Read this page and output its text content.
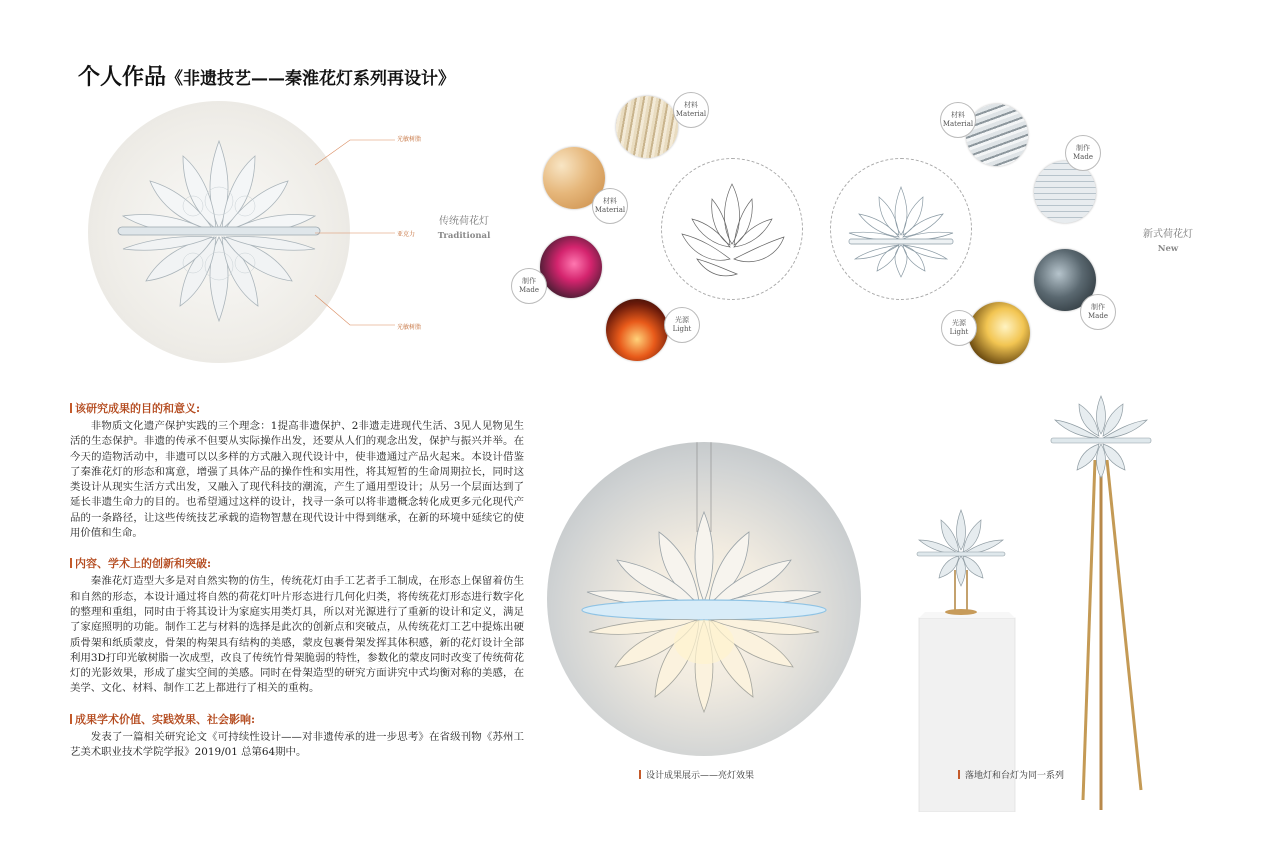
个人作品《非遗技艺——秦淮花灯系列再设计》
光敏树脂
亚克力
光敏树脂
传统荷花灯
Traditional
材料
Material
材料
Material
制作
Made
光源
Light
材料
Material
制作
Made
制作
Made
光源
Light
新式荷花灯
New
该研究成果的目的和意义:
非物质文化遗产保护实践的三个理念：1提高非遗保护、2非遗走进现代生活、3见人见物见生活的生态保护。非遗的传承不但要从实际操作出发，还要从人们的观念出发，保护与振兴并举。在今天的造物活动中，非遗可以以多样的方式融入现代设计中，使非遗通过产品火起来。本设计借鉴了秦淮花灯的形态和寓意，增强了具体产品的操作性和实用性，将其短暂的生命周期拉长，同时这类设计从现实生活方式出发，又融入了现代科技的潮流，产生了通用型设计；从另一个层面达到了延长非遗生命力的目的。也希望通过这样的设计，找寻一条可以将非遗概念转化成更多元化现代产品的一条路径，让这些传统技艺承载的造物智慧在现代设计中得到继承，在新的环境中延续它的使用价值和生命。
内容、学术上的创新和突破:
秦淮花灯造型大多是对自然实物的仿生，传统花灯由手工艺者手工制成，在形态上保留着仿生和自然的形态，本设计通过将自然的荷花灯叶片形态进行几何化归类，将传统花灯形态进行数字化的整理和重组，同时由于将其设计为家庭实用类灯具，所以对光源进行了重新的设计和定义，满足了家庭照明的功能。制作工艺与材料的选择是此次的创新点和突破点，从传统花灯工艺中提炼出硬质骨架和纸质蒙皮，骨架的构架具有结构的美感，蒙皮包裹骨架发挥其体积感，新的花灯设计全部利用3D打印光敏树脂一次成型，改良了传统竹骨架脆弱的特性，参数化的蒙皮同时改变了传统荷花灯的光影效果，形成了虚实空间的美感。同时在骨架造型的研究方面讲究中式均衡对称的美感，在美学、文化、材料、制作工艺上都进行了相关的重构。
成果学术价值、实践效果、社会影响:
发表了一篇相关研究论文《可持续性设计——对非遗传承的进一步思考》在省级刊物《苏州工艺美术职业技术学院学报》2019/01 总第64期中。
设计成果展示——亮灯效果	落地灯和台灯为同一系列
